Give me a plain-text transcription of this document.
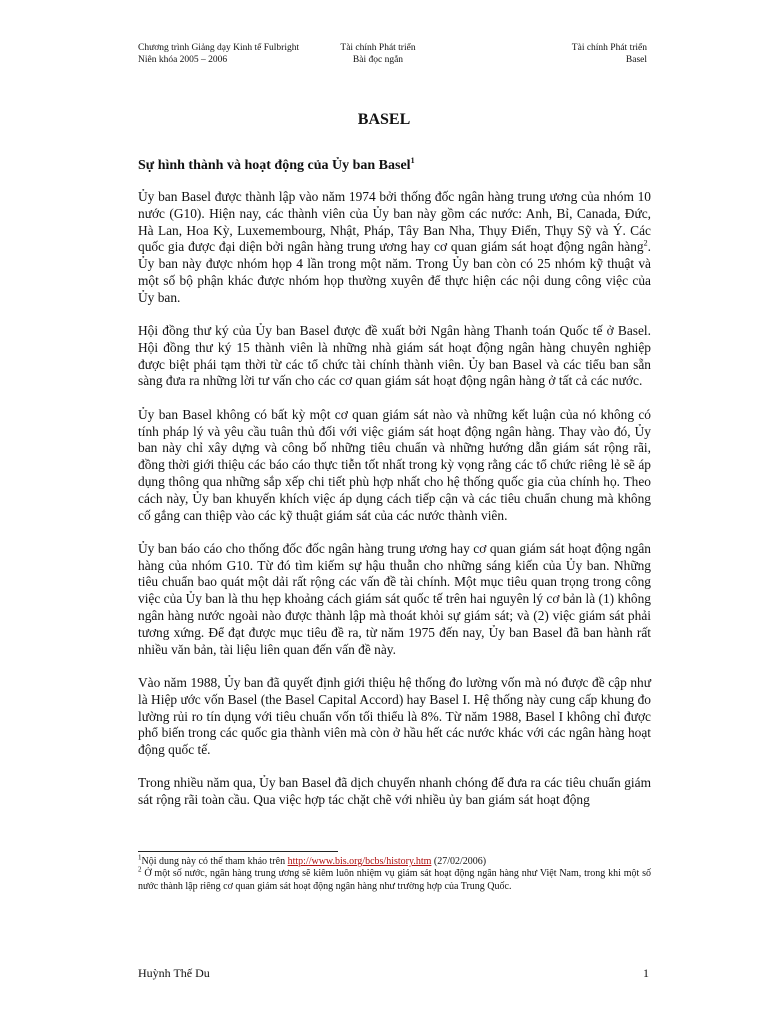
Chương trình Giảng dạy Kinh tế Fulbright
Niên khóa 2005 – 2006
Tài chính Phát triển
Bài đọc ngắn
Tài chính Phát triển
Basel
BASEL
Sự hình thành và hoạt động của Ủy ban Basel$^1$

Ủy ban Basel được thành lập vào năm 1974 bởi thống đốc ngân hàng trung ương của nhóm 10 nước (G10). Hiện nay, các thành viên của Ủy ban này gồm các nước: Anh, Bỉ, Canada, Đức, Hà Lan, Hoa Kỳ, Luxemembourg, Nhật, Pháp, Tây Ban Nha, Thụy Điển, Thụy Sỹ và Ý. Các quốc gia được đại diện bởi ngân hàng trung ương hay cơ quan giám sát hoạt động ngân hàng$^2$. Ủy ban này được nhóm họp 4 lần trong một năm. Trong Ủy ban còn có 25 nhóm kỹ thuật và một số bộ phận khác được nhóm họp thường xuyên để thực hiện các nội dung công việc của Ủy ban.

Hội đồng thư ký của Ủy ban Basel được đề xuất bởi Ngân hàng Thanh toán Quốc tế ở Basel. Hội đồng thư ký 15 thành viên là những nhà giám sát hoạt động ngân hàng chuyên nghiệp được biệt phái tạm thời từ các tổ chức tài chính thành viên. Ủy ban Basel và các tiểu ban sẵn sàng đưa ra những lời tư vấn cho các cơ quan giám sát hoạt động ngân hàng ở tất cả các nước.

Ủy ban Basel không có bất kỳ một cơ quan giám sát nào và những kết luận của nó không có tính pháp lý và yêu cầu tuân thủ đối với việc giám sát hoạt động ngân hàng. Thay vào đó, Ủy ban này chỉ xây dựng và công bố những tiêu chuẩn và những hướng dẫn giám sát rộng rãi, đồng thời giới thiệu các báo cáo thực tiễn tốt nhất trong kỳ vọng rằng các tổ chức riêng lẻ sẽ áp dụng thông qua những sắp xếp chi tiết phù hợp nhất cho hệ thống quốc gia của chính họ. Theo cách này, Ủy ban khuyến khích việc áp dụng cách tiếp cận và các tiêu chuẩn chung mà không cố gắng can thiệp vào các kỹ thuật giám sát của các nước thành viên.

Ủy ban báo cáo cho thống đốc đốc ngân hàng trung ương hay cơ quan giám sát hoạt động ngân hàng của nhóm G10. Từ đó tìm kiếm sự hậu thuẫn cho những sáng kiến của Ủy ban. Những tiêu chuẩn bao quát một dải rất rộng các vấn đề tài chính. Một mục tiêu quan trọng trong công việc của Ủy ban là thu hẹp khoảng cách giám sát quốc tế trên hai nguyên lý cơ bản là (1) không ngân hàng nước ngoài nào được thành lập mà thoát khỏi sự giám sát; và (2) việc giám sát phải tương xứng. Để đạt được mục tiêu đề ra, từ năm 1975 đến nay, Ủy ban Basel đã ban hành rất nhiều văn bản, tài liệu liên quan đến vấn đề này.

Vào năm 1988, Ủy ban đã quyết định giới thiệu hệ thống đo lường vốn mà nó được đề cập như là Hiệp ước vốn Basel (the Basel Capital Accord) hay Basel I. Hệ thống này cung cấp khung đo lường rủi ro tín dụng với tiêu chuẩn vốn tối thiểu là 8%. Từ năm 1988, Basel I không chỉ được phổ biến trong các quốc gia thành viên mà còn ở hầu hết các nước khác với các ngân hàng hoạt động quốc tế.

Trong nhiều năm qua, Ủy ban Basel đã dịch chuyển nhanh chóng để đưa ra các tiêu chuẩn giám sát rộng rãi toàn cầu. Qua việc hợp tác chặt chẽ với nhiều ủy ban giám sát hoạt động

$^1$Nội dung này có thể tham khảo trên http://www.bis.org/bcbs/history.htm (27/02/2006)

$^2$ Ở một số nước, ngân hàng trung ương sẽ kiêm luôn nhiệm vụ giám sát hoạt động ngân hàng như Việt Nam, trong khi một số nước thành lập riêng cơ quan giám sát hoạt động ngân hàng như trường hợp của Trung Quốc.

Huỳnh Thế Du	1
